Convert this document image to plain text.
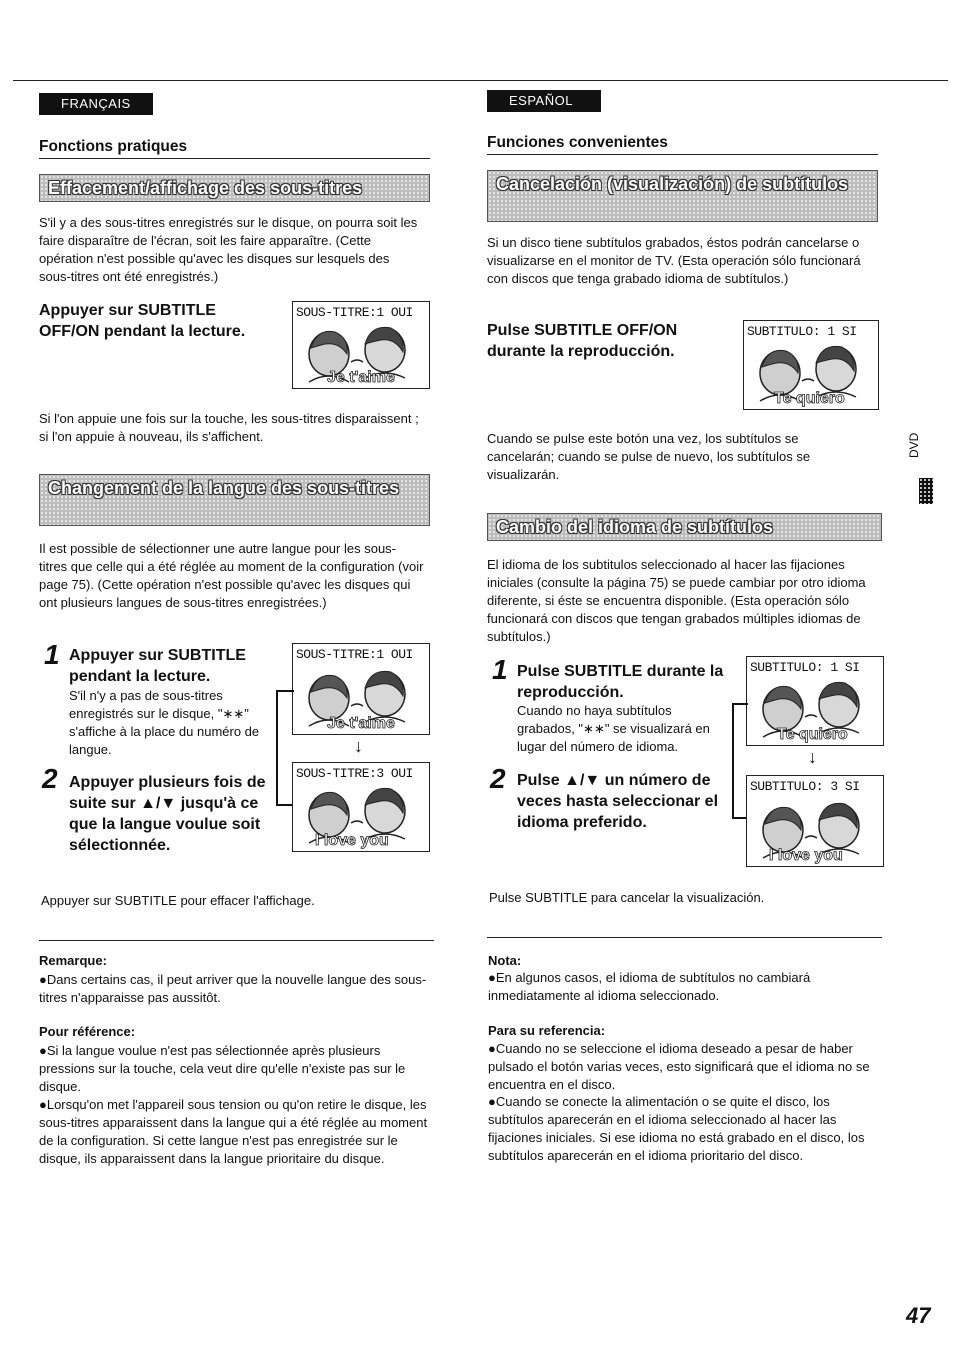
FRANÇAIS	ESPAÑOL
Fonctions pratiques
Effacement/affichage des sous-titres
S'il y a des sous-titres enregistrés sur le disque, on pourra soit les faire disparaître de l'écran, soit les faire apparaître. (Cette opération n'est possible qu'avec les disques sur lesquels des sous-titres ont été enregistrés.)
Appuyer sur SUBTITLE OFF/ON pendant la lecture.
SOUS-TITRE:1 OUI
Je t'aime
Si l'on appuie une fois sur la touche, les sous-titres disparaissent ; si l'on appuie à nouveau, ils s'affichent.
Changement de la langue des sous-titres
Il est possible de sélectionner une autre langue pour les sous-titres que celle qui a été réglée au moment de la configuration (voir page 75). (Cette opération n'est possible qu'avec les disques qui ont plusieurs langues de sous-titres enregistrées.)
1 Appuyer sur SUBTITLE pendant la lecture.
S'il n'y a pas de sous-titres enregistrés sur le disque, "∗∗" s'affiche à la place du numéro de langue.
SOUS-TITRE:1 OUI
Je t'aime
↓
SOUS-TITRE:3 OUI
I love you
2 Appuyer plusieurs fois de suite sur ▲/▼ jusqu'à ce que la langue voulue soit sélectionnée.
Appuyer sur SUBTITLE pour effacer l'affichage.
Remarque:
●Dans certains cas, il peut arriver que la nouvelle langue des sous-titres n'apparaisse pas aussitôt.
Pour référence:
●Si la langue voulue n'est pas sélectionnée après plusieurs pressions sur la touche, cela veut dire qu'elle n'existe pas sur le disque.
●Lorsqu'on met l'appareil sous tension ou qu'on retire le disque, les sous-titres apparaissent dans la langue qui a été réglée au moment de la configuration. Si cette langue n'est pas enregistrée sur le disque, ils apparaissent dans la langue prioritaire du disque.
Funciones convenientes
Cancelación (visualización) de subtítulos
Si un disco tiene subtítulos grabados, éstos podrán cancelarse o visualizarse en el monitor de TV. (Esta operación sólo funcionará con discos que tenga grabado idioma de subtítulos.)
Pulse SUBTITLE OFF/ON durante la reproducción.
SUBTITULO: 1 SI
Te quiero
Cuando se pulse este botón una vez, los subtítulos se cancelarán; cuando se pulse de nuevo, los subtítulos se visualizarán.
Cambio del idioma de subtítulos
El idioma de los subtitulos seleccionado al hacer las fijaciones iniciales (consulte la página 75) se puede cambiar por otro idioma diferente, si éste se encuentra disponible. (Esta operación sólo funcionará con discos que tengan grabados múltiples idiomas de subtítulos.)
1 Pulse SUBTITLE durante la reproducción.
Cuando no haya subtítulos grabados, "∗∗" se visualizará en lugar del número de idioma.
SUBTITULO: 1 SI
Te quiero
↓
SUBTITULO: 3 SI
I love you
2 Pulse ▲/▼ un número de veces hasta seleccionar el idioma preferido.
Pulse SUBTITLE para cancelar la visualización.
Nota:
●En algunos casos, el idioma de subtítulos no cambiará inmediatamente al idioma seleccionado.
Para su referencia:
●Cuando no se seleccione el idioma deseado a pesar de haber pulsado el botón varias veces, esto significará que el idioma no se encuentra en el disco.
●Cuando se conecte la alimentación o se quite el disco, los subtítulos aparecerán en el idioma seleccionado al hacer las fijaciones iniciales. Si ese idioma no está grabado en el disco, los subtítulos aparecerán en el idioma prioritario del disco.
DVD
47
